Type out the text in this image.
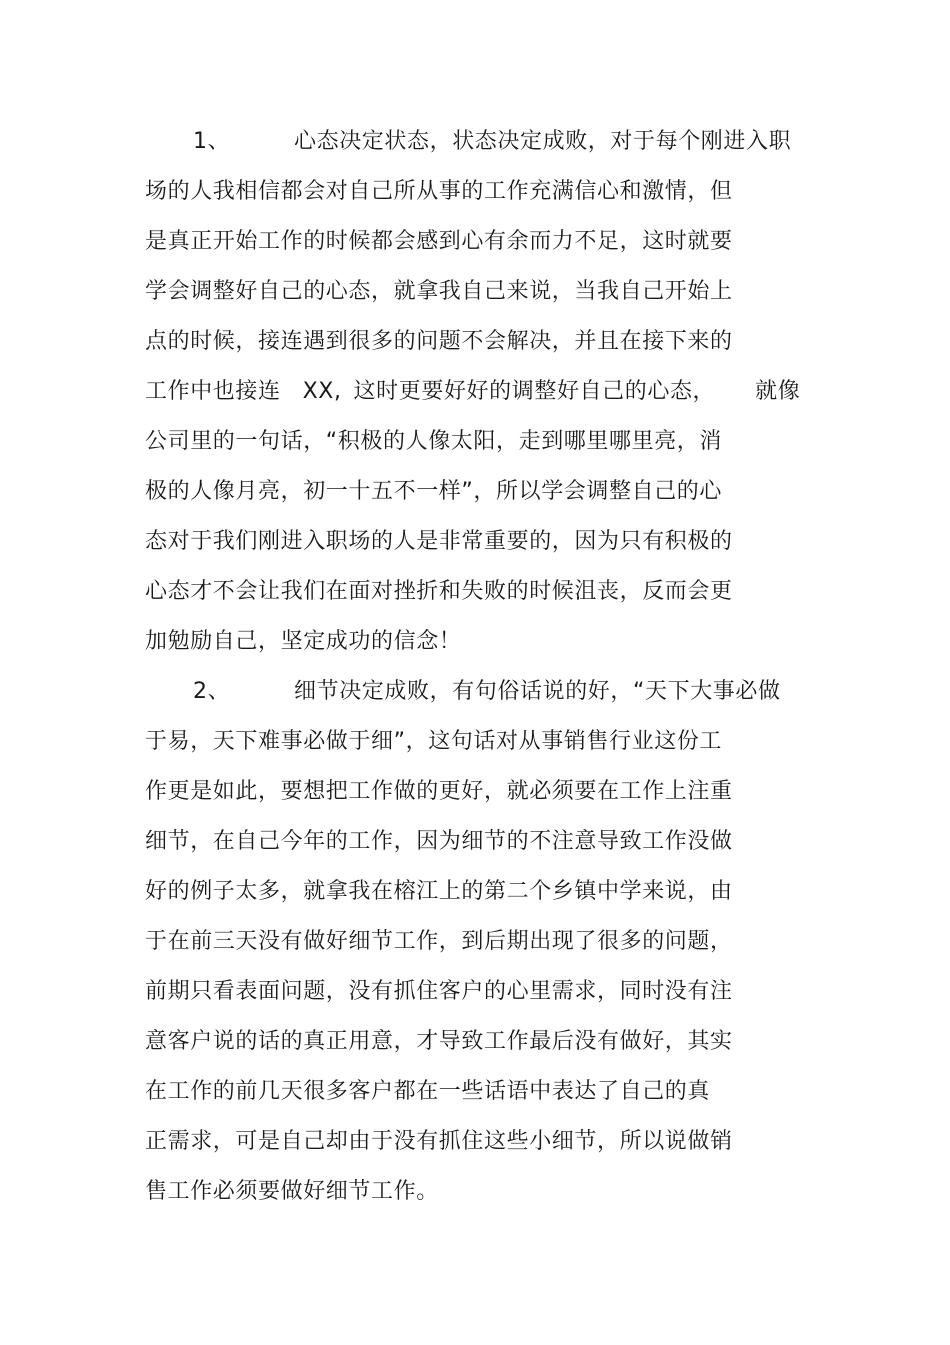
1、	心态决定状态，状态决定成败，对于每个刚进入职
场的人我相信都会对自己所从事的工作充满信心和激情，但
是真正开始工作的时候都会感到心有余而力不足，这时就要
学会调整好自己的心态，就拿我自己来说，当我自己开始上
点的时候，接连遇到很多的问题不会解决，并且在接下来的
工作中也接连 XX, 这时更要好好的调整好自己的心态， 就像
公司里的一句话，“积极的人像太阳，走到哪里哪里亮，消
极的人像月亮，初一十五不一样”，所以学会调整自己的心
态对于我们刚进入职场的人是非常重要的，因为只有积极的
心态才不会让我们在面对挫折和失败的时候沮丧，反而会更
加勉励自己，坚定成功的信念！
2、	细节决定成败，有句俗话说的好，“天下大事必做
于易，天下难事必做于细”，这句话对从事销售行业这份工
作更是如此，要想把工作做的更好，就必须要在工作上注重
细节，在自己今年的工作，因为细节的不注意导致工作没做
好的例子太多，就拿我在榕江上的第二个乡镇中学来说，由
于在前三天没有做好细节工作，到后期出现了很多的问题，
前期只看表面问题，没有抓住客户的心里需求，同时没有注
意客户说的话的真正用意，才导致工作最后没有做好，其实
在工作的前几天很多客户都在一些话语中表达了自己的真
正需求，可是自己却由于没有抓住这些小细节，所以说做销
售工作必须要做好细节工作。
